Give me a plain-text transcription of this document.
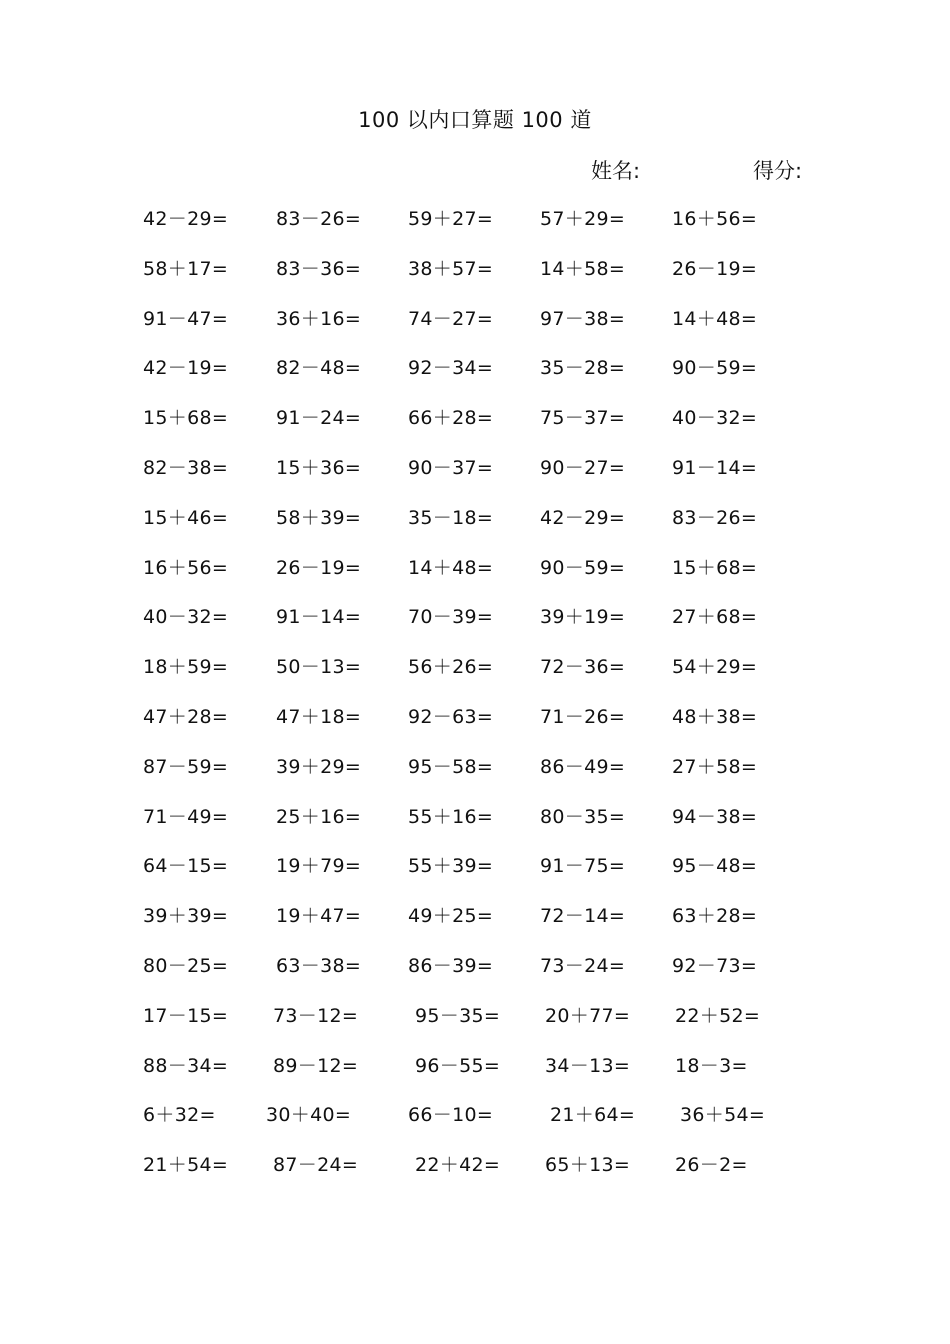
100 以内口算题 100 道
姓名:	得分:
42－29=	83－26= 59＋27= 57＋29= 16＋56=
58＋17=	83－36= 38＋57= 14＋58= 26－19=
91－47=	36＋16= 74－27= 97－38= 14＋48=
42－19=	82－48= 92－34= 35－28= 90－59=
15＋68=	91－24= 66＋28= 75－37= 40－32=
82－38=	15＋36= 90－37= 90－27= 91－14=
15＋46=	58＋39= 35－18= 42－29= 83－26=
16＋56=	26－19= 14＋48= 90－59= 15＋68=
40－32=	91－14= 70－39= 39＋19= 27＋68=
18＋59=	50－13= 56＋26= 72－36= 54＋29=
47＋28=	47＋18= 92－63= 71－26= 48＋38=
87－59=	39＋29= 95－58= 86－49= 27＋58=
71－49=	25＋16= 55＋16= 80－35= 94－38=
64－15=	19＋79= 55＋39= 91－75= 95－48=
39＋39=	19＋47= 49＋25= 72－14= 63＋28=
80－25=	63－38= 86－39= 73－24= 92－73=
17－15= 73－12=	95－35= 20＋77= 22＋52=
88－34= 89－12=	96－55= 34－13= 18－3=
6＋32=	30＋40=	66－10=	21＋64= 36＋54=
21＋54= 87－24=	22＋42= 65＋13= 26－2=
